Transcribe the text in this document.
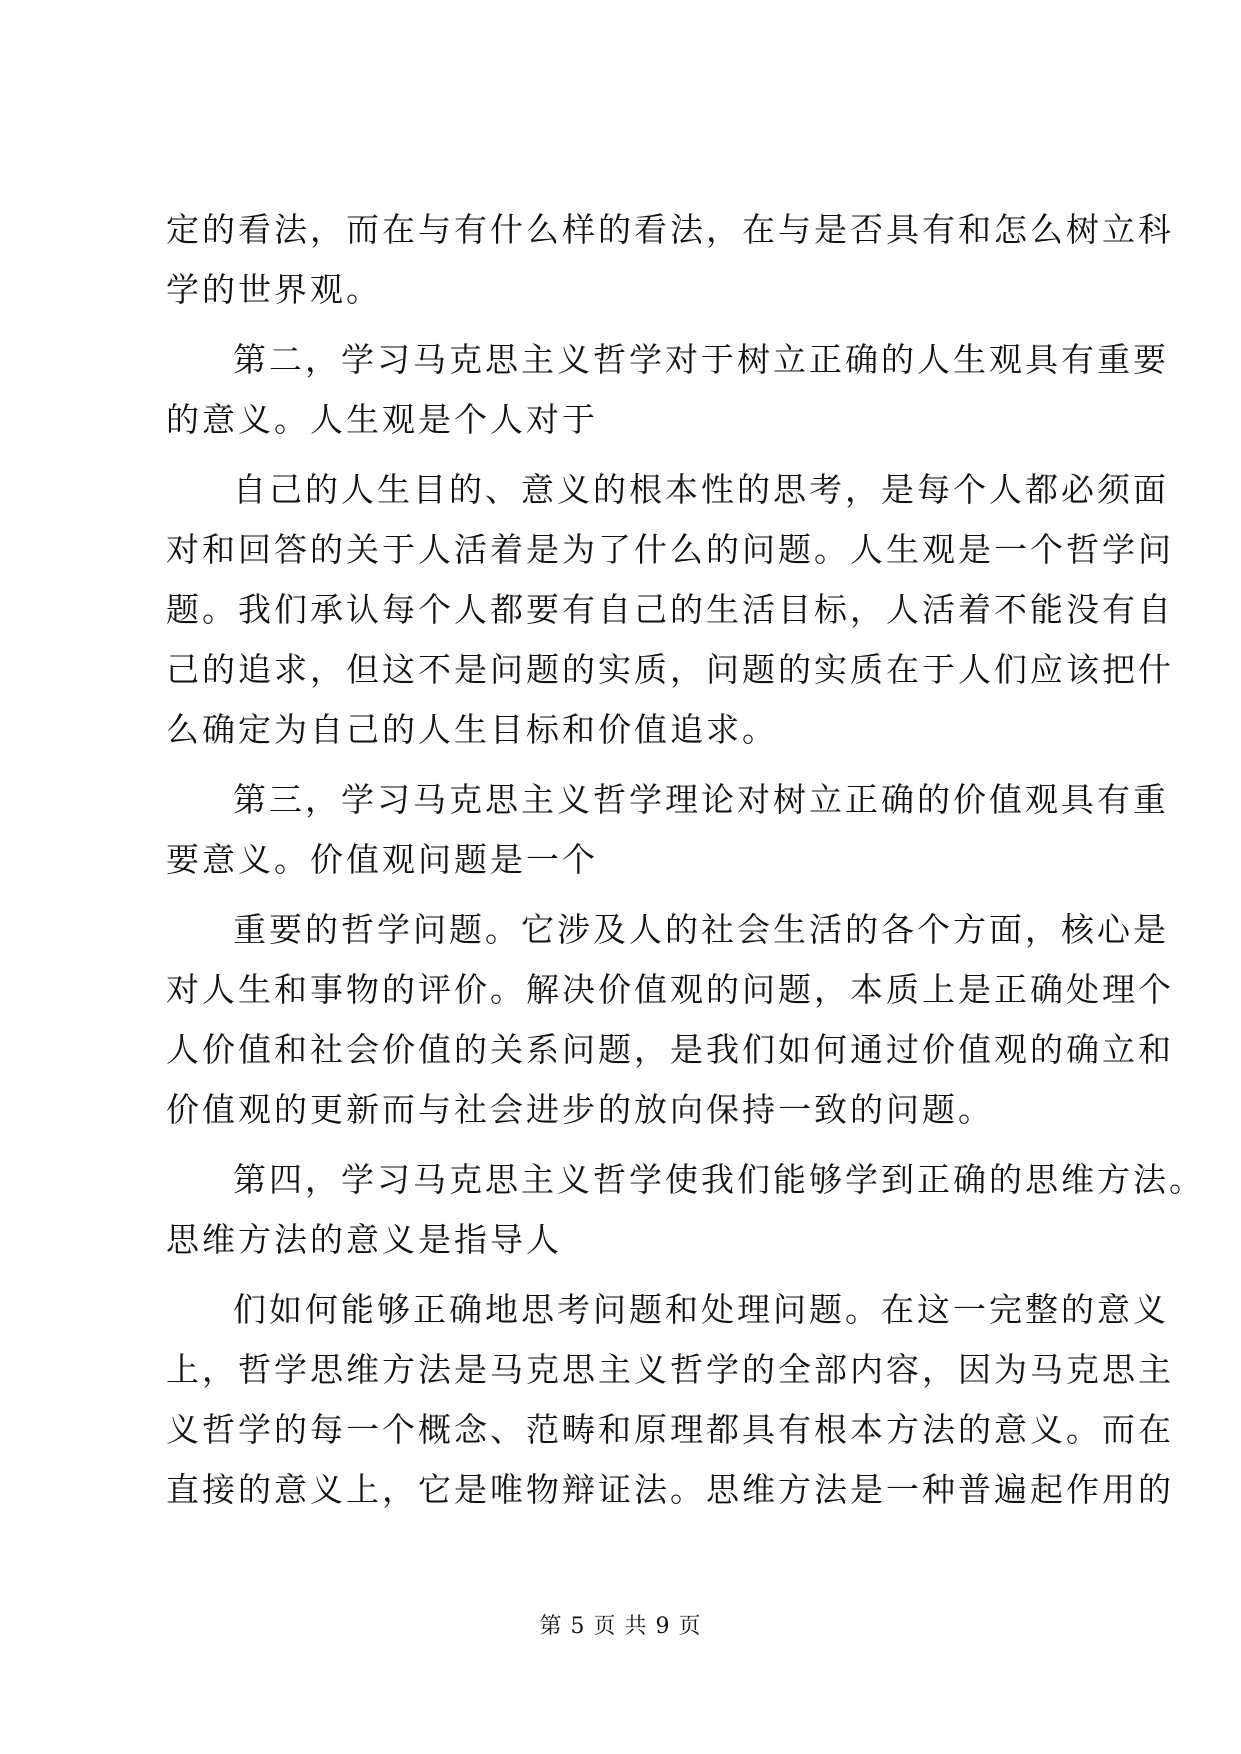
定的看法，而在与有什么样的看法，在与是否具有和怎么树立科
学的世界观。
第二，学习马克思主义哲学对于树立正确的人生观具有重要
的意义。人生观是个人对于
自己的人生目的、意义的根本性的思考，是每个人都必须面
对和回答的关于人活着是为了什么的问题。人生观是一个哲学问
题。我们承认每个人都要有自己的生活目标，人活着不能没有自
己的追求，但这不是问题的实质，问题的实质在于人们应该把什
么确定为自己的人生目标和价值追求。
第三，学习马克思主义哲学理论对树立正确的价值观具有重
要意义。价值观问题是一个
重要的哲学问题。它涉及人的社会生活的各个方面，核心是
对人生和事物的评价。解决价值观的问题，本质上是正确处理个
人价值和社会价值的关系问题，是我们如何通过价值观的确立和
价值观的更新而与社会进步的放向保持一致的问题。
第四，学习马克思主义哲学使我们能够学到正确的思维方法。
思维方法的意义是指导人
们如何能够正确地思考问题和处理问题。在这一完整的意义
上，哲学思维方法是马克思主义哲学的全部内容，因为马克思主
义哲学的每一个概念、范畴和原理都具有根本方法的意义。而在
直接的意义上，它是唯物辩证法。思维方法是一种普遍起作用的
第 5 页 共 9 页
